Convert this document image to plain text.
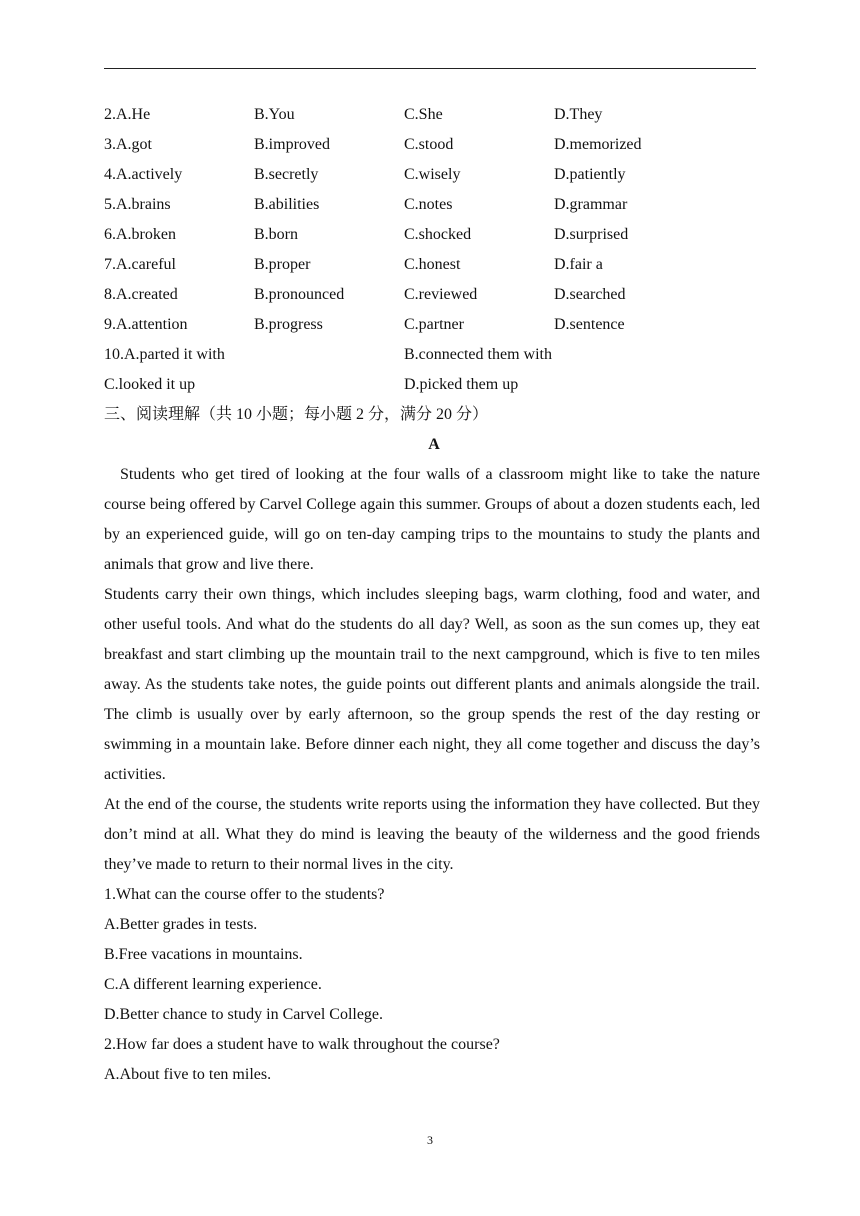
2.A.He	B.You	C.She	D.They
3.A.got	B.improved	C.stood	D.memorized
4.A.actively	B.secretly	C.wisely	D.patiently
5.A.brains	B.abilities	C.notes	D.grammar
6.A.broken	B.born	C.shocked	D.surprised
7.A.careful	B.proper	C.honest	D.fair a
8.A.created	B.pronounced	C.reviewed	D.searched
9.A.attention	B.progress	C.partner	D.sentence
10.A.parted it with	B.connected them with
C.looked it up	D.picked them up
三、阅读理解（共 10 小题；每小题 2 分，满分 20 分）
A
Students who get tired of looking at the four walls of a classroom might like to take the nature course being offered by Carvel College again this summer. Groups of about a dozen students each, led by an experienced guide, will go on ten-day camping trips to the mountains to study the plants and animals that grow and live there.
Students carry their own things, which includes sleeping bags, warm clothing, food and water, and other useful tools. And what do the students do all day? Well, as soon as the sun comes up, they eat breakfast and start climbing up the mountain trail to the next campground, which is five to ten miles away. As the students take notes, the guide points out different plants and animals alongside the trail. The climb is usually over by early afternoon, so the group spends the rest of the day resting or swimming in a mountain lake. Before dinner each night, they all come together and discuss the day’s activities.
At the end of the course, the students write reports using the information they have collected. But they don’t mind at all. What they do mind is leaving the beauty of the wilderness and the good friends they’ve made to return to their normal lives in the city.
1.What can the course offer to the students?
A.Better grades in tests.
B.Free vacations in mountains.
C.A different learning experience.
D.Better chance to study in Carvel College.
2.How far does a student have to walk throughout the course?
A.About five to ten miles.
3
